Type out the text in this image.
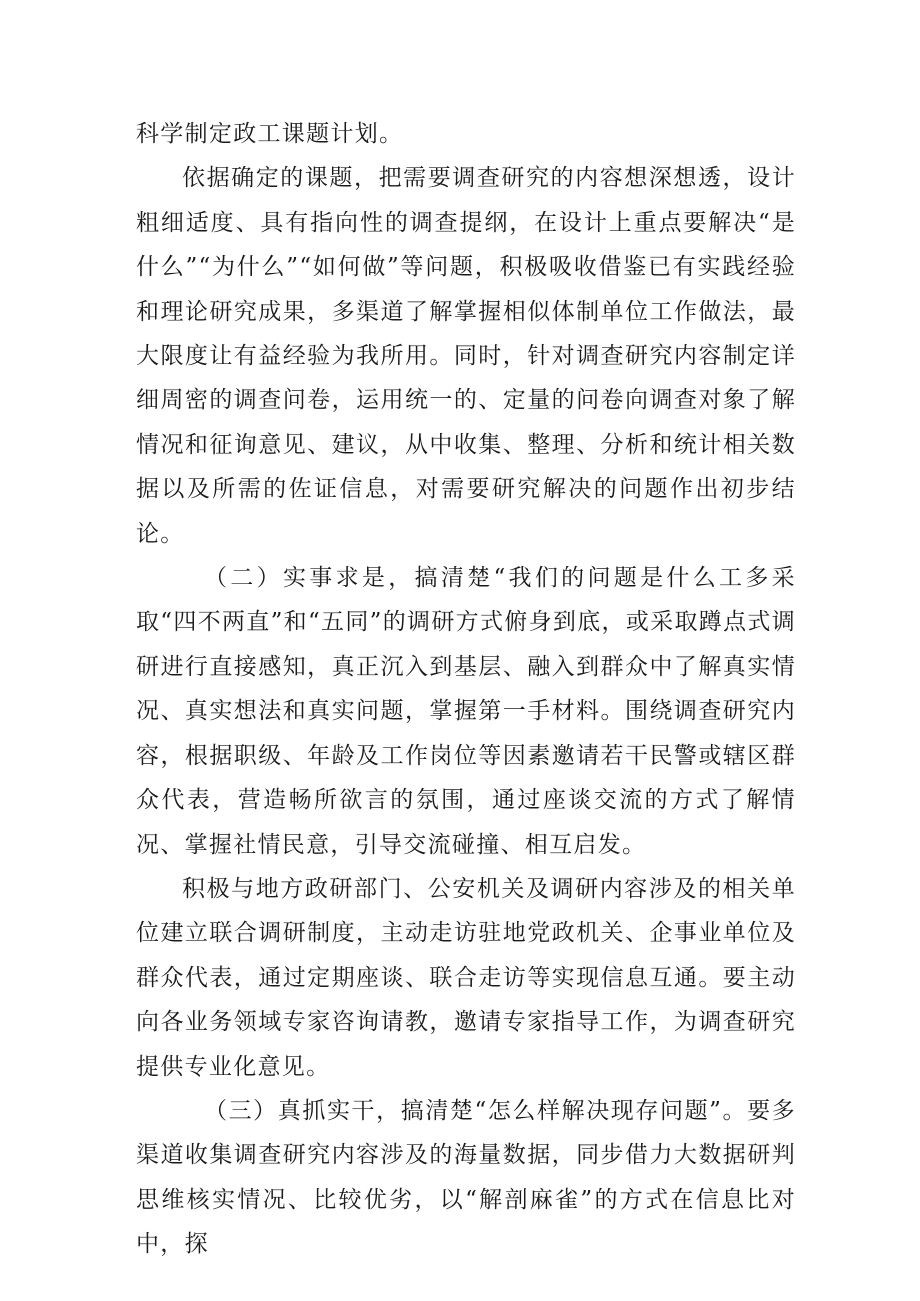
科学制定政工课题计划。

依据确定的课题，把需要调查研究的内容想深想透，设计粗细适度、具有指向性的调查提纲，在设计上重点要解决“是什么”“为什么”“如何做”等问题，积极吸收借鉴已有实践经验和理论研究成果，多渠道了解掌握相似体制单位工作做法，最大限度让有益经验为我所用。同时，针对调查研究内容制定详细周密的调查问卷，运用统一的、定量的问卷向调查对象了解情况和征询意见、建议，从中收集、整理、分析和统计相关数据以及所需的佐证信息，对需要研究解决的问题作出初步结论。

（二）实事求是，搞清楚“我们的问题是什么工多采取“四不两直”和“五同”的调研方式俯身到底，或采取蹲点式调研进行直接感知，真正沉入到基层、融入到群众中了解真实情况、真实想法和真实问题，掌握第一手材料。围绕调查研究内容，根据职级、年龄及工作岗位等因素邀请若干民警或辖区群众代表，营造畅所欲言的氛围，通过座谈交流的方式了解情况、掌握社情民意，引导交流碰撞、相互启发。

积极与地方政研部门、公安机关及调研内容涉及的相关单位建立联合调研制度，主动走访驻地党政机关、企事业单位及群众代表，通过定期座谈、联合走访等实现信息互通。要主动向各业务领域专家咨询请教，邀请专家指导工作，为调查研究提供专业化意见。

（三）真抓实干，搞清楚“怎么样解决现存问题”。要多渠道收集调查研究内容涉及的海量数据，同步借力大数据研判思维核实情况、比较优劣，以“解剖麻雀”的方式在信息比对中，探
